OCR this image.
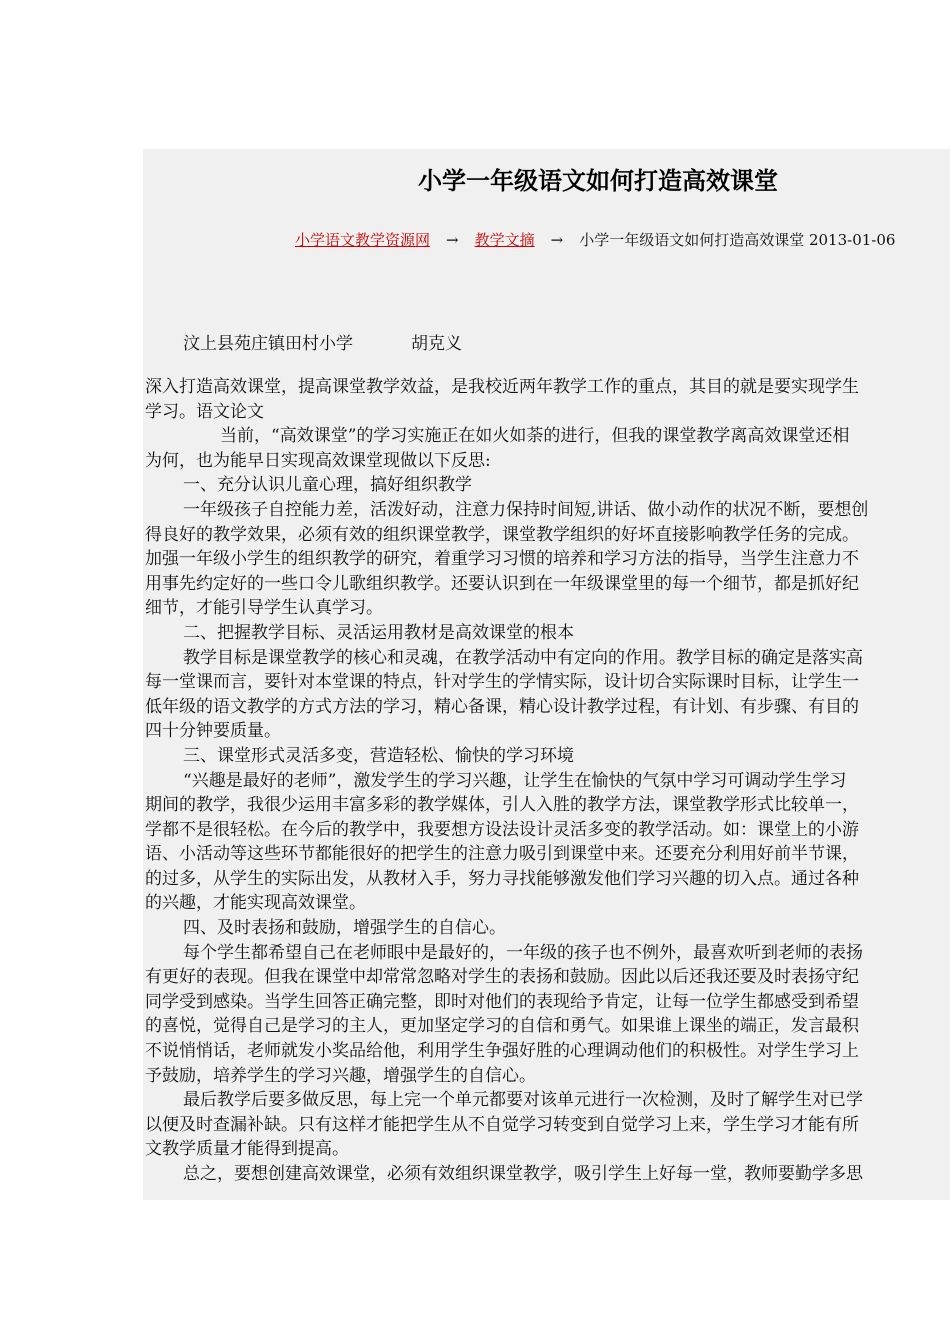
小学一年级语文如何打造高效课堂
小学语文教学资源网 → 教学文摘 → 小学一年级语文如何打造高效课堂 2013-01-06
汶上县苑庄镇田村小学	胡克义
深入打造高效课堂，提高课堂教学效益，是我校近两年教学工作的重点，其目的就是要实现学生
学习。语文论文
当前，“高效课堂”的学习实施正在如火如荼的进行，但我的课堂教学离高效课堂还相
为何，也为能早日实现高效课堂现做以下反思:
一、充分认识儿童心理，搞好组织教学
一年级孩子自控能力差，活泼好动，注意力保持时间短,讲话、做小动作的状况不断，要想创
得良好的教学效果，必须有效的组织课堂教学，课堂教学组织的好坏直接影响教学任务的完成。
加强一年级小学生的组织教学的研究，着重学习习惯的培养和学习方法的指导，当学生注意力不
用事先约定好的一些口令儿歌组织教学。还要认识到在一年级课堂里的每一个细节，都是抓好纪
细节，才能引导学生认真学习。
二、把握教学目标、灵活运用教材是高效课堂的根本
教学目标是课堂教学的核心和灵魂，在教学活动中有定向的作用。教学目标的确定是落实高
每一堂课而言，要针对本堂课的特点，针对学生的学情实际，设计切合实际课时目标，让学生一
低年级的语文教学的方式方法的学习，精心备课，精心设计教学过程，有计划、有步骤、有目的
四十分钟要质量。
三、课堂形式灵活多变，营造轻松、愉快的学习环境
“兴趣是最好的老师”，激发学生的学习兴趣，让学生在愉快的气氛中学习可调动学生学习
期间的教学，我很少运用丰富多彩的教学媒体，引人入胜的教学方法，课堂教学形式比较单一，
学都不是很轻松。在今后的教学中，我要想方设法设计灵活多变的教学活动。如：课堂上的小游
语、小活动等这些环节都能很好的把学生的注意力吸引到课堂中来。还要充分利用好前半节课，
的过多，从学生的实际出发，从教材入手，努力寻找能够激发他们学习兴趣的切入点。通过各种
的兴趣，才能实现高效课堂。
四、及时表扬和鼓励，增强学生的自信心。
每个学生都希望自己在老师眼中是最好的，一年级的孩子也不例外，最喜欢听到老师的表扬
有更好的表现。但我在课堂中却常常忽略对学生的表扬和鼓励。因此以后还我还要及时表扬守纪
同学受到感染。当学生回答正确完整，即时对他们的表现给予肯定，让每一位学生都感受到希望
的喜悦，觉得自己是学习的主人，更加坚定学习的自信和勇气。如果谁上课坐的端正，发言最积
不说悄悄话，老师就发小奖品给他，利用学生争强好胜的心理调动他们的积极性。对学生学习上
予鼓励，培养学生的学习兴趣，增强学生的自信心。
最后教学后要多做反思，每上完一个单元都要对该单元进行一次检测，及时了解学生对已学
以便及时查漏补缺。只有这样才能把学生从不自觉学习转变到自觉学习上来，学生学习才能有所
文教学质量才能得到提高。
总之，要想创建高效课堂，必须有效组织课堂教学，吸引学生上好每一堂，教师要勤学多思
